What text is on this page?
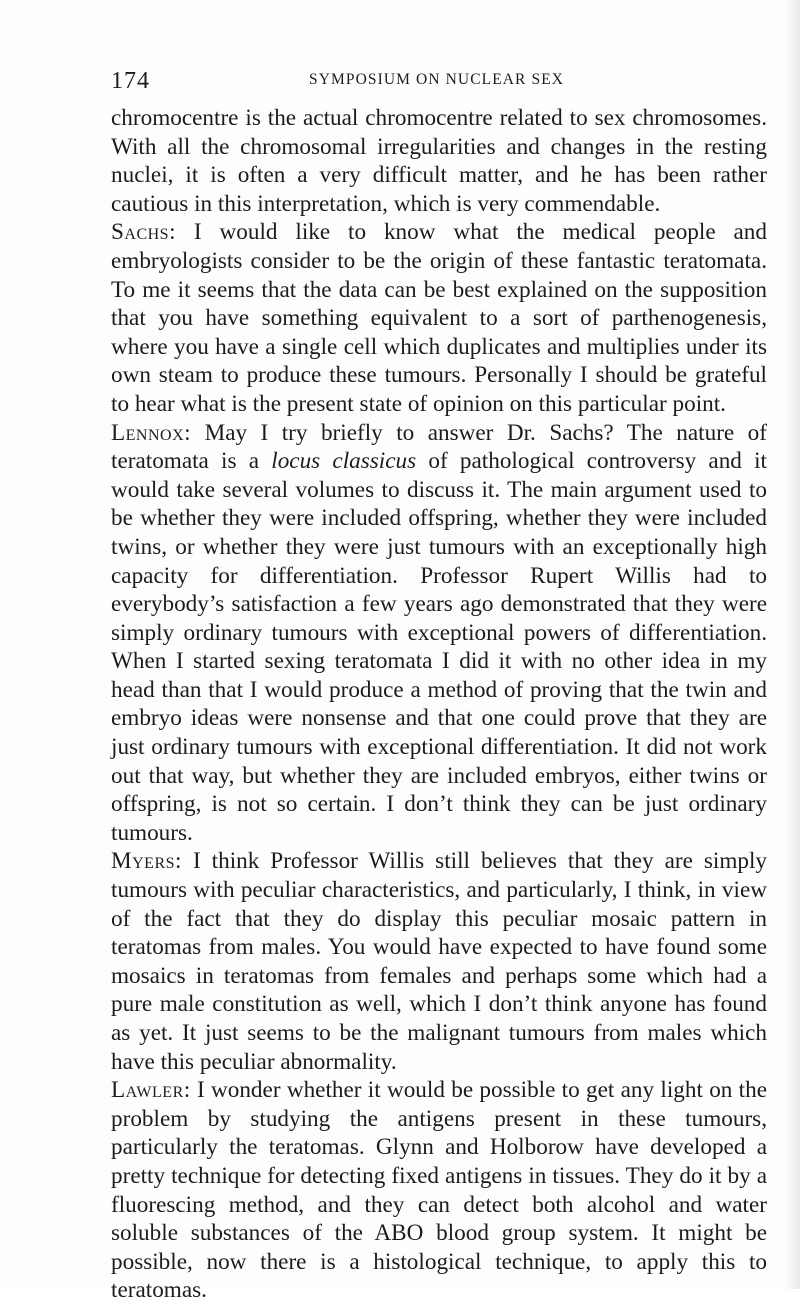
174	SYMPOSIUM ON NUCLEAR SEX

chromocentre is the actual chromocentre related to sex chromosomes. With all the chromosomal irregularities and changes in the resting nuclei, it is often a very difficult matter, and he has been rather cautious in this interpretation, which is very commendable.

Sachs: I would like to know what the medical people and embryologists consider to be the origin of these fantastic teratomata. To me it seems that the data can be best explained on the supposition that you have something equivalent to a sort of parthenogenesis, where you have a single cell which duplicates and multiplies under its own steam to produce these tumours. Personally I should be grateful to hear what is the present state of opinion on this particular point.

Lennox: May I try briefly to answer Dr. Sachs? The nature of teratomata is a locus classicus of pathological controversy and it would take several volumes to discuss it. The main argument used to be whether they were included offspring, whether they were included twins, or whether they were just tumours with an exceptionally high capacity for differentiation. Professor Rupert Willis had to everybody’s satisfaction a few years ago demonstrated that they were simply ordinary tumours with exceptional powers of differentiation. When I started sexing teratomata I did it with no other idea in my head than that I would produce a method of proving that the twin and embryo ideas were nonsense and that one could prove that they are just ordinary tumours with exceptional differentiation. It did not work out that way, but whether they are included embryos, either twins or offspring, is not so certain. I don’t think they can be just ordinary tumours.

Myers: I think Professor Willis still believes that they are simply tumours with peculiar characteristics, and particularly, I think, in view of the fact that they do display this peculiar mosaic pattern in teratomas from males. You would have expected to have found some mosaics in teratomas from females and perhaps some which had a pure male constitution as well, which I don’t think anyone has found as yet. It just seems to be the malignant tumours from males which have this peculiar abnormality.

Lawler: I wonder whether it would be possible to get any light on the problem by studying the antigens present in these tumours, particularly the teratomas. Glynn and Holborow have developed a pretty technique for detecting fixed antigens in tissues. They do it by a fluorescing method, and they can detect both alcohol and water soluble substances of the ABO blood group system. It might be possible, now there is a histological technique, to apply this to teratomas.
